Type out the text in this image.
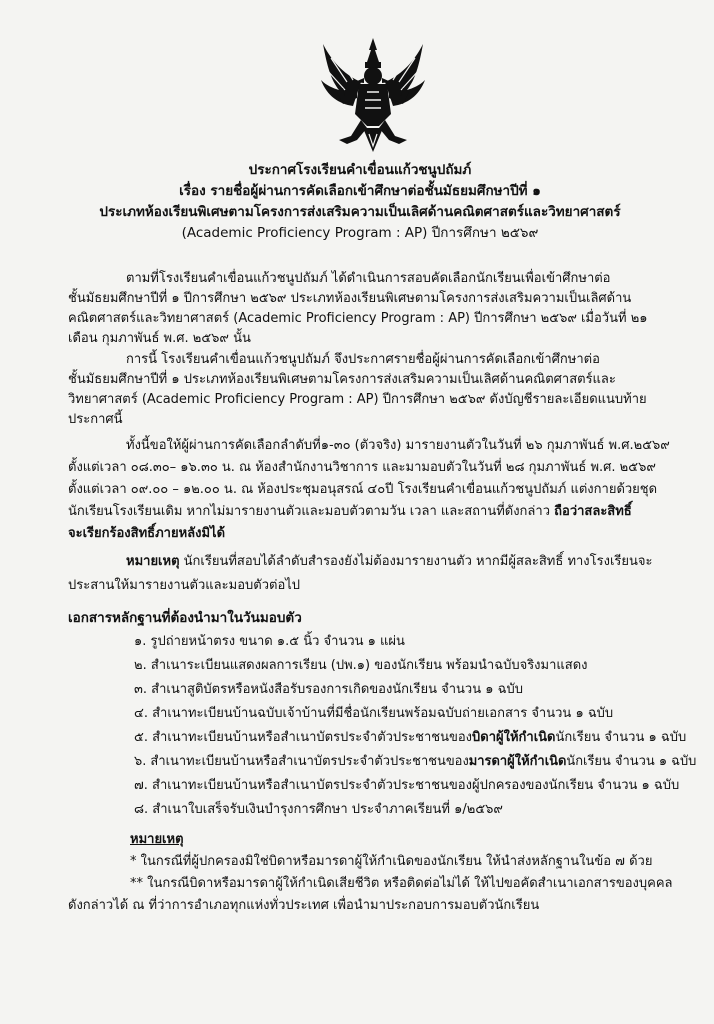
ประกาศโรงเรียนคำเขื่อนแก้วชนูปถัมภ์
เรื่อง รายชื่อผู้ผ่านการคัดเลือกเข้าศึกษาต่อชั้นมัธยมศึกษาปีที่ ๑
ประเภทห้องเรียนพิเศษตามโครงการส่งเสริมความเป็นเลิศด้านคณิตศาสตร์และวิทยาศาสตร์
(Academic Proficiency Program : AP) ปีการศึกษา ๒๕๖๙
ตามที่โรงเรียนคำเขื่อนแก้วชนูปถัมภ์ ได้ดำเนินการสอบคัดเลือกนักเรียนเพื่อเข้าศึกษาต่อ
ชั้นมัธยมศึกษาปีที่ ๑ ปีการศึกษา ๒๕๖๙ ประเภทห้องเรียนพิเศษตามโครงการส่งเสริมความเป็นเลิศด้าน
คณิตศาสตร์และวิทยาศาสตร์ (Academic Proficiency Program : AP) ปีการศึกษา ๒๕๖๙ เมื่อวันที่ ๒๑
เดือน กุมภาพันธ์ พ.ศ. ๒๕๖๙ นั้น
การนี้ โรงเรียนคำเขื่อนแก้วชนูปถัมภ์ จึงประกาศรายชื่อผู้ผ่านการคัดเลือกเข้าศึกษาต่อ
ชั้นมัธยมศึกษาปีที่ ๑ ประเภทห้องเรียนพิเศษตามโครงการส่งเสริมความเป็นเลิศด้านคณิตศาสตร์และ
วิทยาศาสตร์ (Academic Proficiency Program : AP) ปีการศึกษา ๒๕๖๙ ดังบัญชีรายละเอียดแนบท้าย
ประกาศนี้
ทั้งนี้ขอให้ผู้ผ่านการคัดเลือกลำดับที่๑-๓๐ (ตัวจริง) มารายงานตัวในวันที่ ๒๖ กุมภาพันธ์ พ.ศ.๒๕๖๙
ตั้งแต่เวลา ๐๘.๓๐– ๑๖.๓๐ น. ณ ห้องสำนักงานวิชาการ และมามอบตัวในวันที่ ๒๘ กุมภาพันธ์ พ.ศ. ๒๕๖๙
ตั้งแต่เวลา ๐๙.๐๐ – ๑๒.๐๐ น. ณ ห้องประชุมอนุสรณ์ ๔๐ปี โรงเรียนคำเขื่อนแก้วชนูปถัมภ์ แต่งกายด้วยชุด
นักเรียนโรงเรียนเดิม หากไม่มารายงานตัวและมอบตัวตามวัน เวลา และสถานที่ดังกล่าว ถือว่าสละสิทธิ์
จะเรียกร้องสิทธิ์ภายหลังมิได้
หมายเหตุ นักเรียนที่สอบได้ลำดับสำรองยังไม่ต้องมารายงานตัว หากมีผู้สละสิทธิ์ ทางโรงเรียนจะ
ประสานให้มารายงานตัวและมอบตัวต่อไป
เอกสารหลักฐานที่ต้องนำมาในวันมอบตัว
๑. รูปถ่ายหน้าตรง ขนาด ๑.๕ นิ้ว จำนวน ๑ แผ่น
๒. สำเนาระเบียนแสดงผลการเรียน (ปพ.๑) ของนักเรียน พร้อมนำฉบับจริงมาแสดง
๓. สำเนาสูติบัตรหรือหนังสือรับรองการเกิดของนักเรียน จำนวน ๑ ฉบับ
๔. สำเนาทะเบียนบ้านฉบับเจ้าบ้านที่มีชื่อนักเรียนพร้อมฉบับถ่ายเอกสาร จำนวน ๑ ฉบับ
๕. สำเนาทะเบียนบ้านหรือสำเนาบัตรประจำตัวประชาชนของบิดาผู้ให้กำเนิดนักเรียน จำนวน ๑ ฉบับ
๖. สำเนาทะเบียนบ้านหรือสำเนาบัตรประจำตัวประชาชนของมารดาผู้ให้กำเนิดนักเรียน จำนวน ๑ ฉบับ
๗. สำเนาทะเบียนบ้านหรือสำเนาบัตรประจำตัวประชาชนของผู้ปกครองของนักเรียน จำนวน ๑ ฉบับ
๘. สำเนาใบเสร็จรับเงินบำรุงการศึกษา ประจำภาคเรียนที่ ๑/๒๕๖๙
หมายเหตุ
* ในกรณีที่ผู้ปกครองมิใช่บิดาหรือมารดาผู้ให้กำเนิดของนักเรียน ให้นำส่งหลักฐานในข้อ ๗ ด้วย
** ในกรณีบิดาหรือมารดาผู้ให้กำเนิดเสียชีวิต หรือติดต่อไม่ได้ ให้ไปขอคัดสำเนาเอกสารของบุคคล
ดังกล่าวได้ ณ ที่ว่าการอำเภอทุกแห่งทั่วประเทศ เพื่อนำมาประกอบการมอบตัวนักเรียน
